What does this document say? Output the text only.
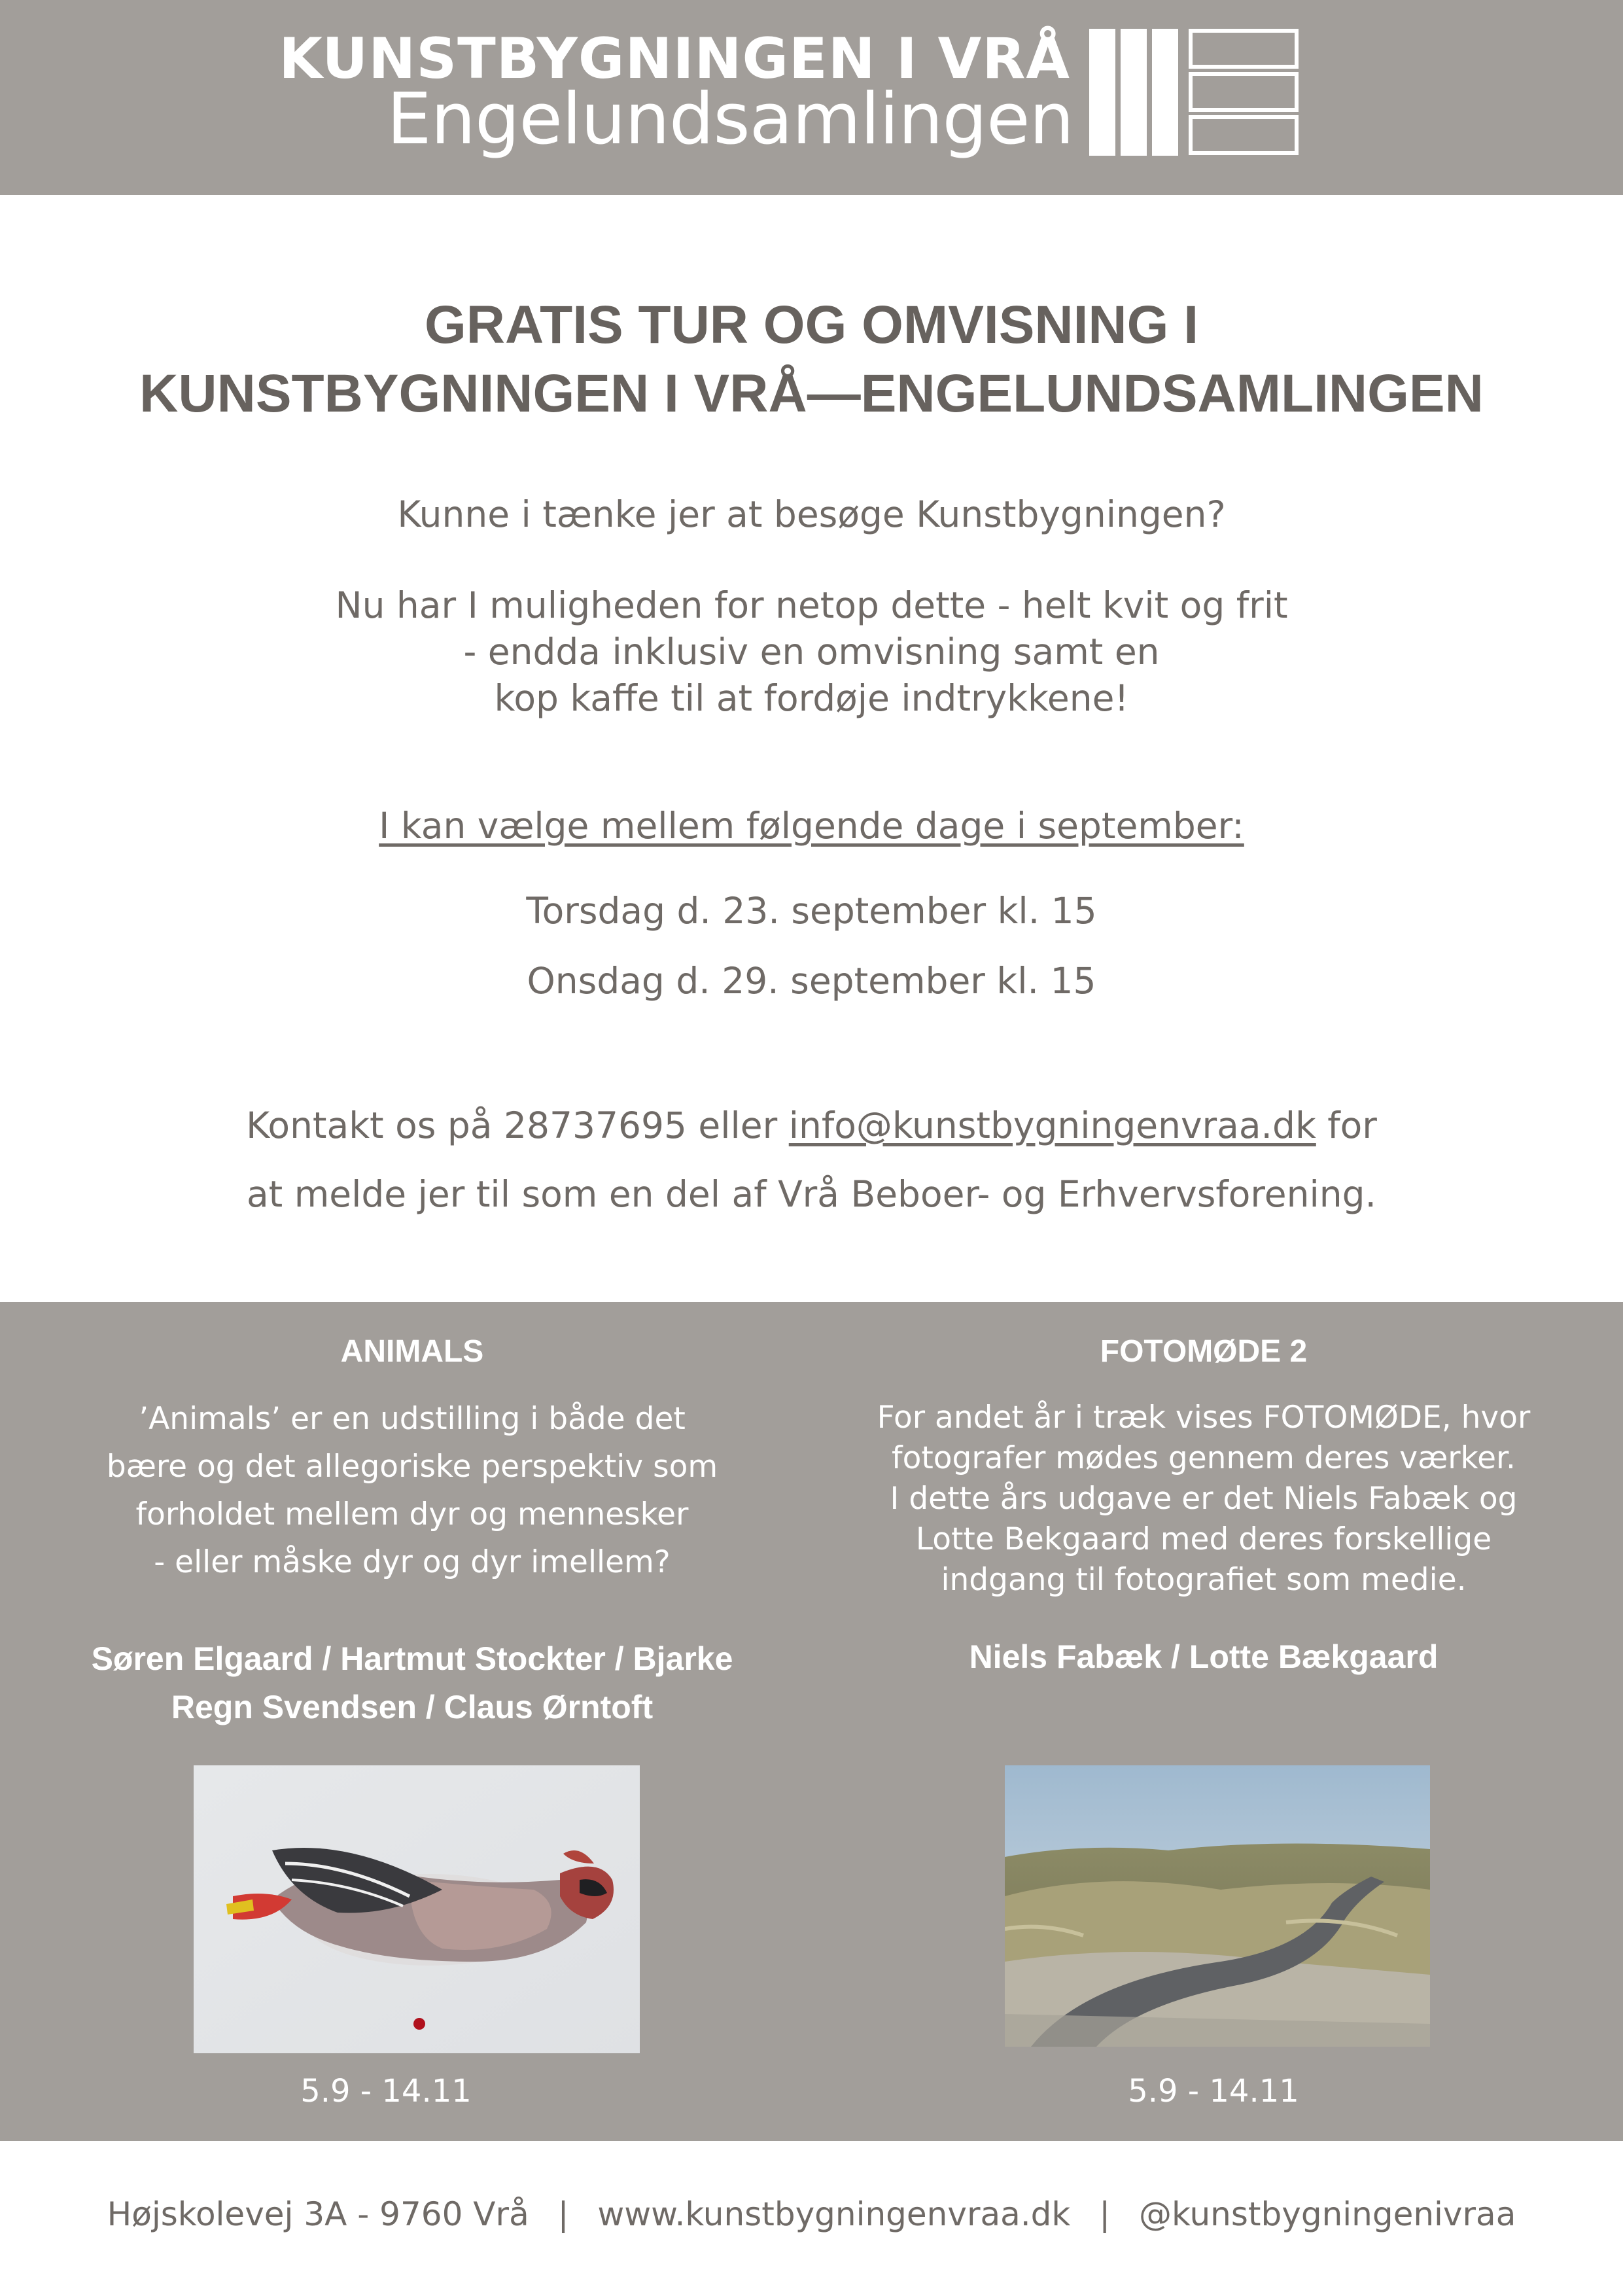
KUNSTBYGNINGEN I VRÅ
Engelundsamlingen
GRATIS TUR OG OMVISNING I
KUNSTBYGNINGEN I VRÅ—ENGELUNDSAMLINGEN
Kunne i tænke jer at besøge Kunstbygningen?
Nu har I muligheden for netop dette - helt kvit og frit
- endda inklusiv en omvisning samt en
kop kaffe til at fordøje indtrykkene!
I kan vælge mellem følgende dage i september:
Torsdag d. 23. september kl. 15
Onsdag d. 29. september kl. 15
Kontakt os på 28737695 eller info@kunstbygningenvraa.dk for
at melde jer til som en del af Vrå Beboer- og Erhvervsforening.
ANIMALS
’Animals’ er en udstilling i både det
bære og det allegoriske perspektiv som
forholdet mellem dyr og mennesker
- eller måske dyr og dyr imellem?
Søren Elgaard / Hartmut Stockter / Bjarke
Regn Svendsen / Claus Ørntoft
5.9 - 14.11
FOTOMØDE 2
For andet år i træk vises FOTOMØDE, hvor
fotografer mødes gennem deres værker.
I dette års udgave er det Niels Fabæk og
Lotte Bekgaard med deres forskellige
indgang til fotografiet som medie.
Niels Fabæk / Lotte Bækgaard
5.9 - 14.11
Højskolevej 3A - 9760 Vrå | www.kunstbygningenvraa.dk | @kunstbygningenivraa
